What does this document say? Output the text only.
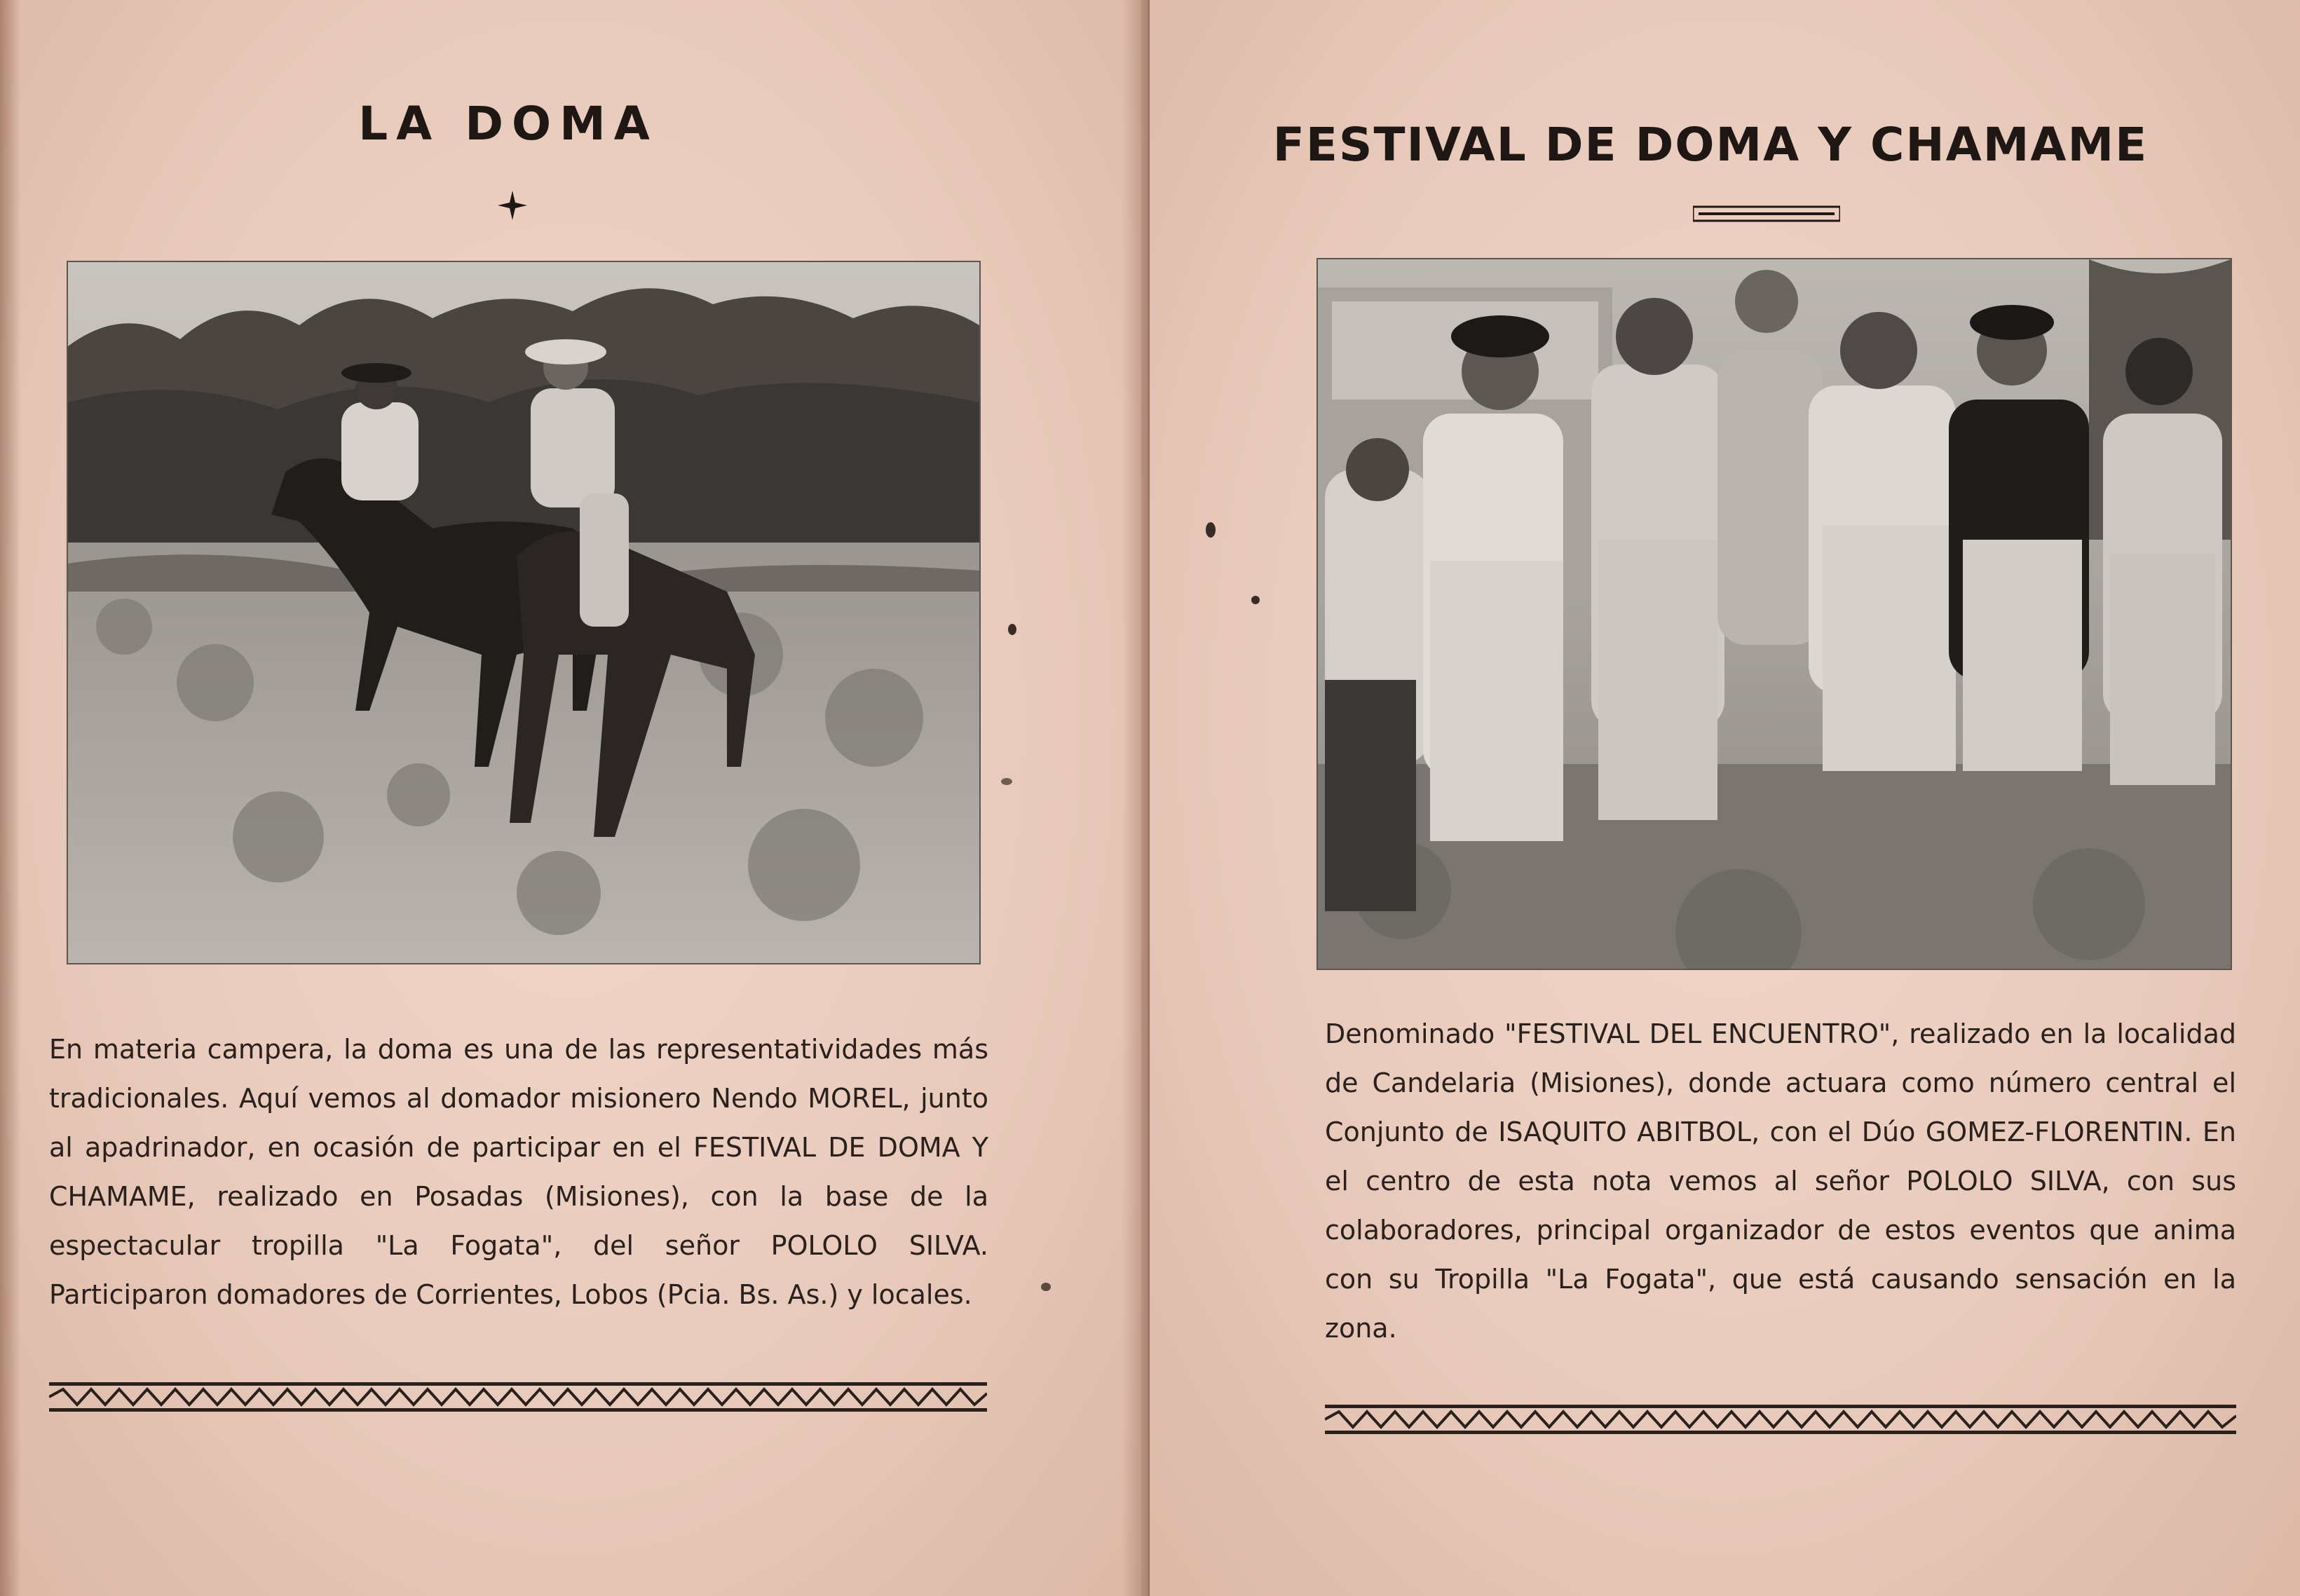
LA DOMA

En materia campera, la doma es una de las representatividades más tradicionales. Aquí vemos al domador misionero Nendo MOREL, junto al apadrinador, en ocasión de participar en el FESTIVAL DE DOMA Y CHAMAME, realizado en Posadas (Misiones), con la base de la espectacular tropilla "La Fogata", del señor POLOLO SILVA. Participaron domadores de Corrientes, Lobos (Pcia. Bs. As.) y locales.

FESTIVAL DE DOMA Y CHAMAME

Denominado "FESTIVAL DEL ENCUENTRO", realizado en la localidad de Candelaria (Misiones), donde actuara como número central el Conjunto de ISAQUITO ABITBOL, con el Dúo GOMEZ-FLORENTIN. En el centro de esta nota vemos al señor POLOLO SILVA, con sus colaboradores, principal organizador de estos eventos que anima con su Tropilla "La Fogata", que está causando sensación en la zona.
